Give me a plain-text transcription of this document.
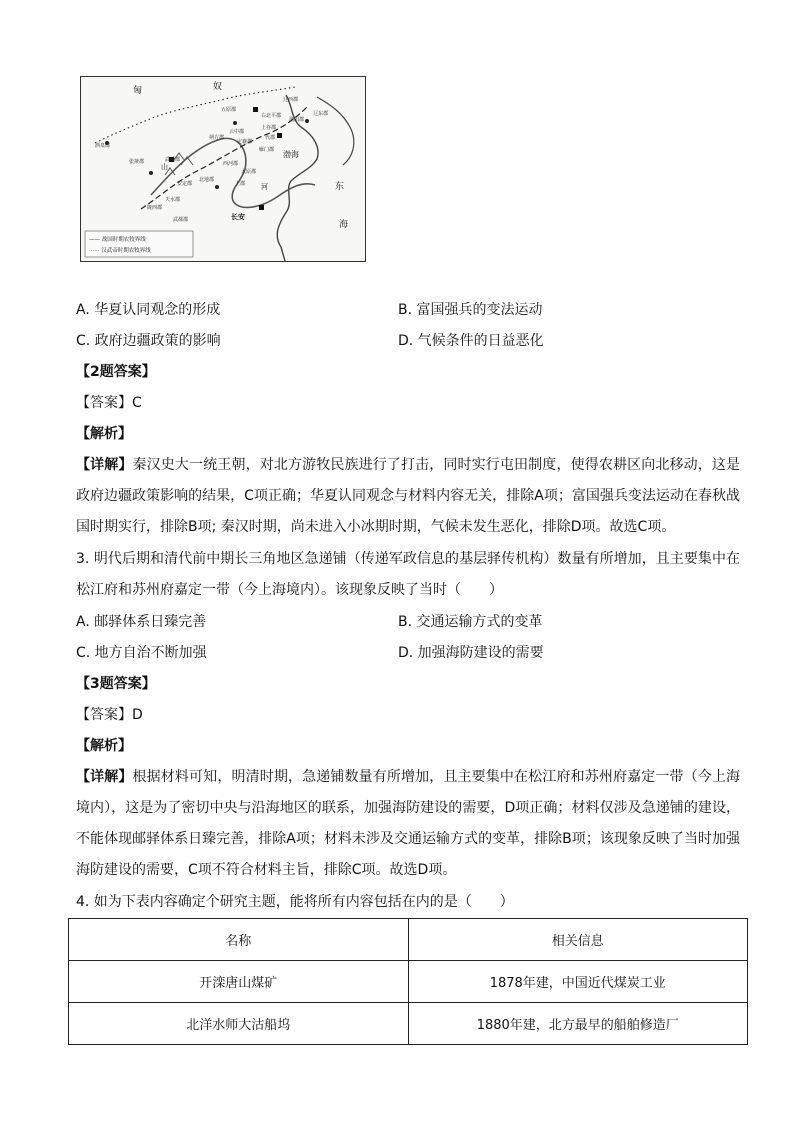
辽西郡
辽东郡
右北平郡
渔阳郡
上谷郡
代郡
五原郡
云中郡
朔方郡
定襄郡
雁门郡
太原郡
西河郡
上郡
北地郡
安定郡
天水郡
陇西郡
武威郡
酒泉郡
张掖郡
武都郡
匈	奴
渤海
东
海
山
河
长安
—— 战国时期农牧界线
······ 汉武帝时期农牧界线
A. 华夏认同观念的形成	B. 富国强兵的变法运动
C. 政府边疆政策的影响	D. 气候条件的日益恶化
【2题答案】
【答案】C
【解析】
【详解】秦汉史大一统王朝，对北方游牧民族进行了打击，同时实行屯田制度，使得农耕区向北移动，这是政府边疆政策影响的结果，C项正确；华夏认同观念与材料内容无关，排除A项；富国强兵变法运动在春秋战国时期实行，排除B项; 秦汉时期，尚未进入小冰期时期，气候未发生恶化，排除D项。故选C项。
3. 明代后期和清代前中期长三角地区急递铺（传递军政信息的基层驿传机构）数量有所增加，且主要集中在松江府和苏州府嘉定一带（今上海境内）。该现象反映了当时（　　）
A. 邮驿体系日臻完善	B. 交通运输方式的变革
C. 地方自治不断加强	D. 加强海防建设的需要
【3题答案】
【答案】D
【解析】
【详解】根据材料可知，明清时期，急递铺数量有所增加，且主要集中在松江府和苏州府嘉定一带（今上海境内），这是为了密切中央与沿海地区的联系，加强海防建设的需要，D项正确；材料仅涉及急递铺的建设，不能体现邮驿体系日臻完善，排除A项；材料未涉及交通运输方式的变革，排除B项；该现象反映了当时加强海防建设的需要，C项不符合材料主旨，排除C项。故选D项。
4. 如为下表内容确定个研究主题，能将所有内容包括在内的是（　　）
名称	相关信息
开滦唐山煤矿	1878年建，中国近代煤炭工业
北洋水师大沽船坞	1880年建，北方最早的船舶修造厂
